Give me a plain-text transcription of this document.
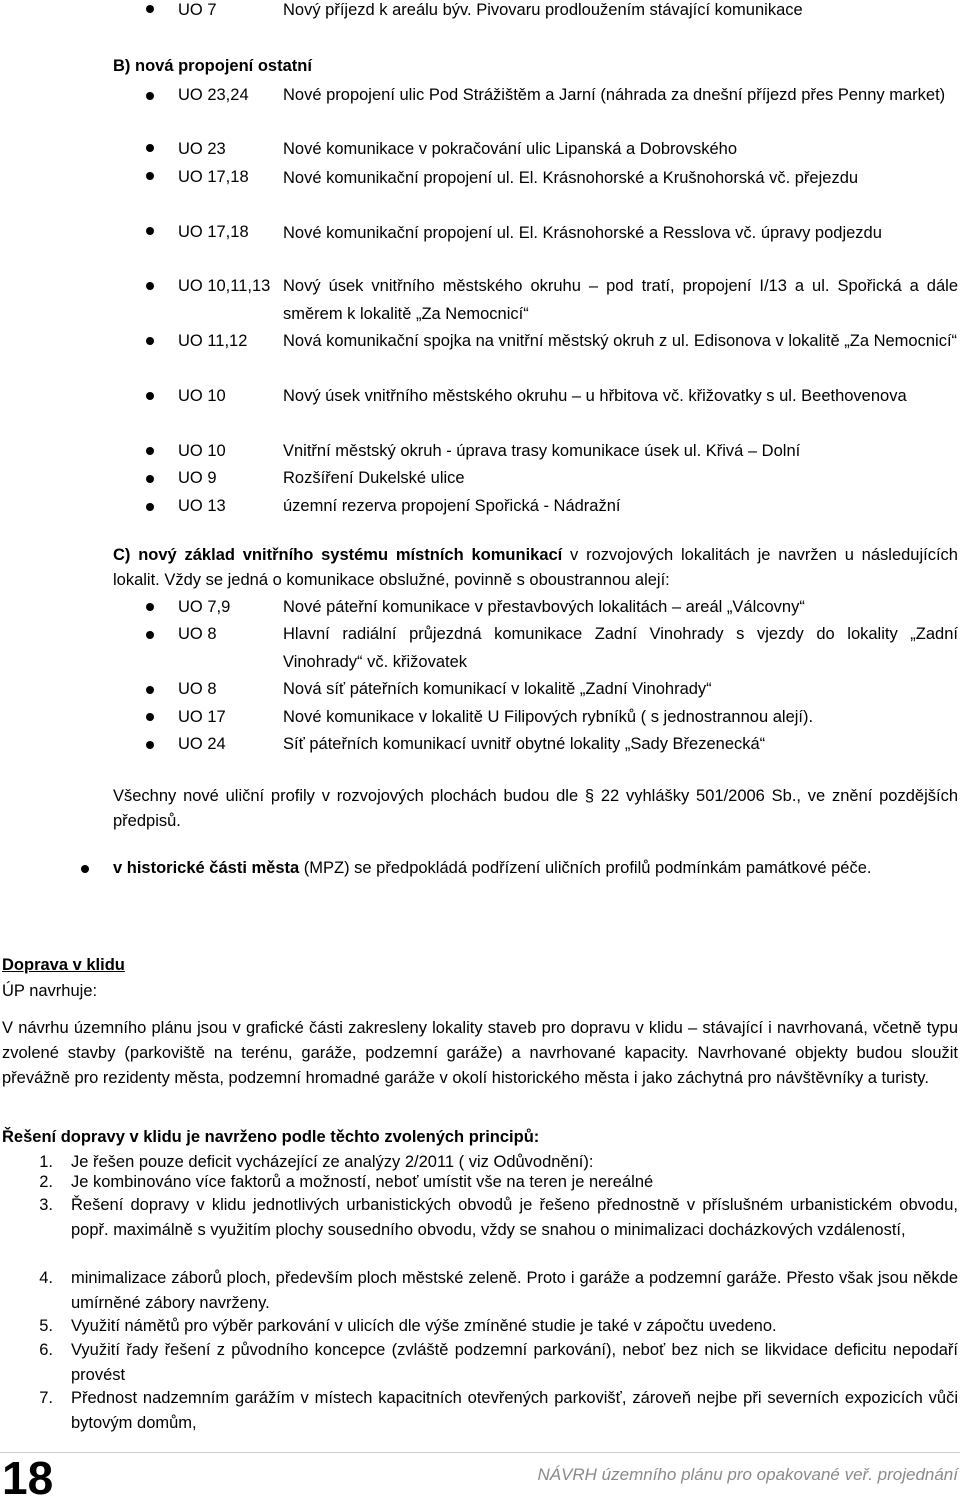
UO 7	Nový příjezd k areálu býv. Pivovaru prodloužením stávající komunikace
B) nová propojení ostatní
UO 23,24 Nové propojení ulic Pod Strážištěm a Jarní (náhrada za dnešní příjezd přes Penny market)
UO 23	Nové komunikace v pokračování ulic Lipanská a Dobrovského
UO 17,18 Nové komunikační propojení ul. El. Krásnohorské a Krušnohorská vč. přejezdu
UO 17,18 Nové komunikační propojení ul. El. Krásnohorské a Resslova vč. úpravy podjezdu
UO 10,11,13 Nový úsek vnitřního městského okruhu – pod tratí, propojení I/13 a ul. Spořická a dále směrem k lokalitě „Za Nemocnicí“
UO 11,12 Nová komunikační spojka na vnitřní městský okruh z ul. Edisonova v lokalitě „Za Nemocnicí“
UO 10	Nový úsek vnitřního městského okruhu – u hřbitova vč. křižovatky s ul. Beethovenova
UO 10	Vnitřní městský okruh - úprava trasy komunikace úsek ul. Křivá – Dolní
UO 9	Rozšíření Dukelské ulice
UO 13	územní rezerva propojení Spořická - Nádražní
C) nový základ vnitřního systému místních komunikací v rozvojových lokalitách je navržen u následujících lokalit. Vždy se jedná o komunikace obslužné, povinně s oboustrannou alejí:
UO 7,9	Nové páteřní komunikace v přestavbových lokalitách – areál „Válcovny“
UO 8	Hlavní radiální průjezdná komunikace Zadní Vinohrady s vjezdy do lokality „Zadní Vinohrady“ vč. křižovatek
UO 8	Nová síť páteřních komunikací v lokalitě „Zadní Vinohrady“
UO 17	Nové komunikace v lokalitě U Filipových rybníků ( s jednostrannou alejí).
UO 24	Síť páteřních komunikací uvnitř obytné lokality „Sady Březenecká“
Všechny nové uliční profily v rozvojových plochách budou dle § 22 vyhlášky 501/2006 Sb., ve znění pozdějších předpisů.
v historické části města (MPZ) se předpokládá podřízení uličních profilů podmínkám památkové péče.
Doprava v klidu
ÚP navrhuje:
V návrhu územního plánu jsou v grafické části zakresleny lokality staveb pro dopravu v klidu – stávající i navrhovaná, včetně typu zvolené stavby (parkoviště na terénu, garáže, podzemní garáže) a navrhované kapacity. Navrhované objekty budou sloužit převážně pro rezidenty města, podzemní hromadné garáže v okolí historického města i jako záchytná pro návštěvníky a turisty.
Řešení dopravy v klidu je navrženo podle těchto zvolených principů:
1. Je řešen pouze deficit vycházející ze analýzy 2/2011 ( viz Odůvodnění):
2. Je kombinováno více faktorů a možností, neboť umístit vše na teren je nereálné
3. Řešení dopravy v klidu jednotlivých urbanistických obvodů je řešeno přednostně v příslušném urbanistickém obvodu, popř. maximálně s využitím plochy sousedního obvodu, vždy se snahou o minimalizaci docházkových vzdáleností,
4. minimalizace záborů ploch, především ploch městské zeleně. Proto i garáže a podzemní garáže. Přesto však jsou někde umírněné zábory navrženy.
5. Využití námětů pro výběr parkování v ulicích dle výše zmíněné studie je také v zápočtu uvedeno.
6. Využití řady řešení z původního koncepce (zvláště podzemní parkování), neboť bez nich se likvidace deficitu nepodaří provést
7. Přednost nadzemním garážím v místech kapacitních otevřených parkovišť, zároveň nejbe při severních expozicích vůči bytovým domům,
18	NÁVRH územního plánu pro opakované veř. projednání
